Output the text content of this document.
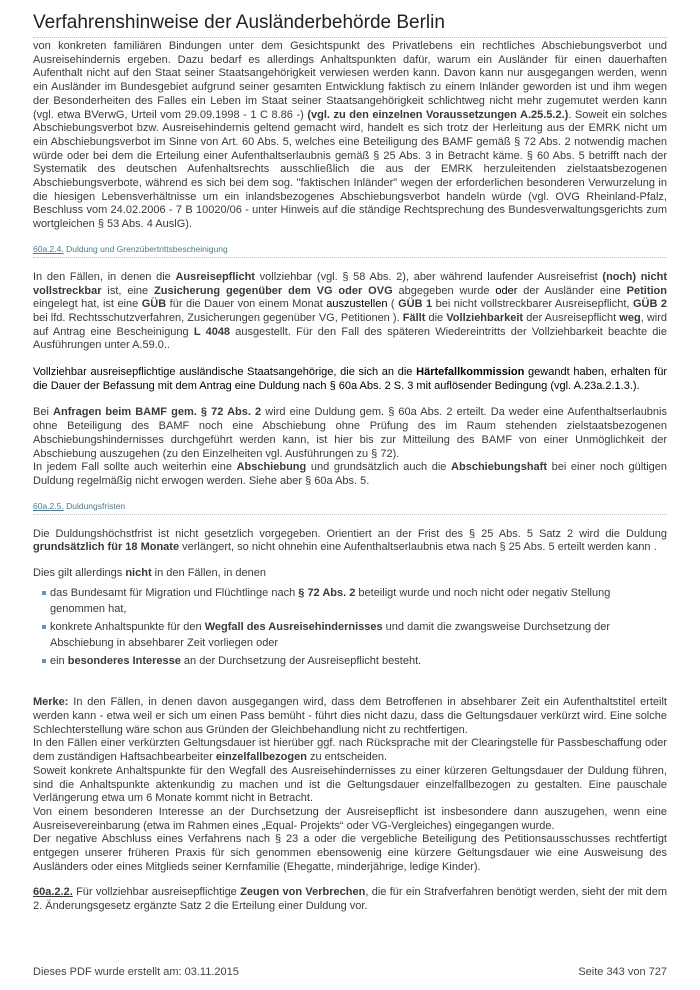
Verfahrenshinweise der Ausländerbehörde Berlin

von konkreten familiären Bindungen unter dem Gesichtspunkt des Privatlebens ein rechtliches Abschiebungsverbot und Ausreisehindernis ergeben. Dazu bedarf es allerdings Anhaltspunkten dafür, warum ein Ausländer für einen dauerhaften Aufenthalt nicht auf den Staat seiner Staatsangehörigkeit verwiesen werden kann. Davon kann nur ausgegangen werden, wenn ein Ausländer im Bundesgebiet aufgrund seiner gesamten Entwicklung faktisch zu einem Inländer geworden ist und ihm wegen der Besonderheiten des Falles ein Leben im Staat seiner Staatsangehörigkeit schlichtweg nicht mehr zugemutet werden kann (vgl. etwa BVerwG, Urteil vom 29.09.1998 - 1 C 8.86 -) (vgl. zu den einzelnen Voraussetzungen A.25.5.2.). Soweit ein solches Abschiebungsverbot bzw. Ausreisehindernis geltend gemacht wird, handelt es sich trotz der Herleitung aus der EMRK nicht um ein Abschiebungsverbot im Sinne von Art. 60 Abs. 5, welches eine Beteiligung des BAMF gemäß § 72 Abs. 2 notwendig machen würde oder bei dem die Erteilung einer Aufenthaltserlaubnis gemäß § 25 Abs. 3 in Betracht käme. § 60 Abs. 5 betrifft nach der Systematik des deutschen Aufenhaltsrechts ausschließlich die aus der EMRK herzuleitenden zielstaatsbezogenen Abschiebungsverbote, während es sich bei dem sog. "faktischen Inländer" wegen der erforderlichen besonderen Verwurzelung in die hiesigen Lebensverhältnisse um ein inlandsbezogenes Abschiebungsverbot handeln würde (vgl. OVG Rheinland-Pfalz, Beschluss vom 24.02.2006 - 7 B 10020/06 - unter Hinweis auf die ständige Rechtsprechung des Bundesverwaltungsgerichts zum wortgleichen § 53 Abs. 4 AuslG).

60a.2.4. Duldung und Grenzübertrittsbescheinigung

In den Fällen, in denen die Ausreisepflicht vollziehbar (vgl. § 58 Abs. 2), aber während laufender Ausreisefrist (noch) nicht vollstreckbar ist, eine Zusicherung gegenüber dem VG oder OVG abgegeben wurde oder der Ausländer eine Petition eingelegt hat, ist eine GÜB für die Dauer von einem Monat auszustellen ( GÜB 1 bei nicht vollstreckbarer Ausreisepflicht, GÜB 2 bei lfd. Rechtsschutzverfahren, Zusicherungen gegenüber VG, Petitionen ). Fällt die Vollziehbarkeit der Ausreisepflicht weg, wird auf Antrag eine Bescheinigung L 4048 ausgestellt. Für den Fall des späteren Wiedereintritts der Vollziehbarkeit beachte die Ausführungen unter A.59.0..

Vollziehbar ausreisepflichtige ausländische Staatsangehörige, die sich an die Härtefallkommission gewandt haben, erhalten für die Dauer der Befassung mit dem Antrag eine Duldung nach § 60a Abs. 2 S. 3 mit auflösender Bedingung (vgl. A.23a.2.1.3.).

Bei Anfragen beim BAMF gem. § 72 Abs. 2 wird eine Duldung gem. § 60a Abs. 2 erteilt. Da weder eine Aufenthaltserlaubnis ohne Beteiligung des BAMF noch eine Abschiebung ohne Prüfung des im Raum stehenden zielstaatsbezogenen Abschiebungshindernisses durchgeführt werden kann, ist hier bis zur Mitteilung des BAMF von einer Unmöglichkeit der Abschiebung auszugehen (zu den Einzelheiten vgl. Ausführungen zu § 72).
In jedem Fall sollte auch weiterhin eine Abschiebung und grundsätzlich auch die Abschiebungshaft bei einer noch gültigen Duldung regelmäßig nicht erwogen werden. Siehe aber § 60a Abs. 5.

60a.2.5. Duldungsfristen

Die Duldungshöchstfrist ist nicht gesetzlich vorgegeben. Orientiert an der Frist des § 25 Abs. 5 Satz 2 wird die Duldung grundsätzlich für 18 Monate verlängert, so nicht ohnehin eine Aufenthaltserlaubnis etwa nach § 25 Abs. 5 erteilt werden kann .

Dies gilt allerdings nicht in den Fällen, in denen

das Bundesamt für Migration und Flüchtlinge nach § 72 Abs. 2 beteiligt wurde und noch nicht oder negativ Stellung genommen hat,
konkrete Anhaltspunkte für den Wegfall des Ausreisehindernisses und damit die zwangsweise Durchsetzung der Abschiebung in absehbarer Zeit vorliegen oder
ein besonderes Interesse an der Durchsetzung der Ausreisepflicht besteht.

Merke: In den Fällen, in denen davon ausgegangen wird, dass dem Betroffenen in absehbarer Zeit ein Aufenthaltstitel erteilt werden kann - etwa weil er sich um einen Pass bemüht - führt dies nicht dazu, dass die Geltungsdauer verkürzt wird. Eine solche Schlechterstellung wäre schon aus Gründen der Gleichbehandlung nicht zu rechtfertigen.
In den Fällen einer verkürzten Geltungsdauer ist hierüber ggf. nach Rücksprache mit der Clearingstelle für Passbeschaffung oder dem zuständigen Haftsachbearbeiter einzelfallbezogen zu entscheiden.
Soweit konkrete Anhaltspunkte für den Wegfall des Ausreisehindernisses zu einer kürzeren Geltungsdauer der Duldung führen, sind die Anhaltspunkte aktenkundig zu machen und ist die Geltungsdauer einzelfallbezogen zu gestalten. Eine pauschale Verlängerung etwa um 6 Monate kommt nicht in Betracht.
Von einem besonderen Interesse an der Durchsetzung der Ausreisepflicht ist insbesondere dann auszugehen, wenn eine Ausreisevereinbarung (etwa im Rahmen eines „Equal- Projekts“ oder VG-Vergleiches) eingegangen wurde.
Der negative Abschluss eines Verfahrens nach § 23 a oder die vergebliche Beteiligung des Petitionsausschusses rechtfertigt entgegen unserer früheren Praxis für sich genommen ebensowenig eine kürzere Geltungsdauer wie eine Ausweisung des Ausländers oder eines Mitglieds seiner Kernfamilie (Ehegatte, minderjährige, ledige Kinder).

60a.2.2. Für vollziehbar ausreisepflichtige Zeugen von Verbrechen, die für ein Strafverfahren benötigt werden, sieht der mit dem 2. Änderungsgesetz ergänzte Satz 2 die Erteilung einer Duldung vor.

Dieses PDF wurde erstellt am: 03.11.2015	Seite 343 von 727
